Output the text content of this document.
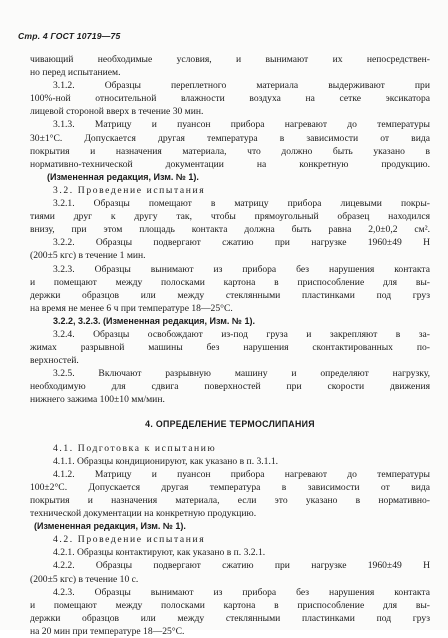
Стр. 4 ГОСТ 10719—75
чивающий необходимые условия, и вынимают их непосредствен-
но перед испытанием.
3.1.2. Образцы переплетного материала выдерживают при
100%-ной относительной влажности воздуха на сетке эксикатора
лицевой стороной вверх в течение 30 мин.
3.1.3. Матрицу и пуансон прибора нагревают до температуры
30±1°С. Допускается другая температура в зависимости от вида
покрытия и назначения материала, что должно быть указано в
нормативно-технической документации на конкретную продукцию.
(Измененная редакция, Изм. № 1).
3.2. Проведение испытания
3.2.1. Образцы помещают в матрицу прибора лицевыми покры-
тиями друг к другу так, чтобы прямоугольный образец находился
внизу, при этом площадь контакта должна быть равна 2,0±0,2 см².
3.2.2. Образцы подвергают сжатию при нагрузке 1960±49 Н
(200±5 кгс) в течение 1 мин.
3.2.3. Образцы вынимают из прибора без нарушения контакта
и помещают между полосками картона в приспособление для вы-
держки образцов или между стеклянными пластинками под груз
на время не менее 6 ч при температуре 18—25°С.
3.2.2, 3.2.3. (Измененная редакция, Изм. № 1).
3.2.4. Образцы освобождают из-под груза и закрепляют в за-
жимах разрывной машины без нарушения сконтактированных по-
верхностей.
3.2.5. Включают разрывную машину и определяют нагрузку,
необходимую для сдвига поверхностей при скорости движения
нижнего зажима 100±10 мм/мин.
4. ОПРЕДЕЛЕНИЕ ТЕРМОСЛИПАНИЯ
4.1. Подготовка к испытанию
4.1.1. Образцы кондиционируют, как указано в п. 3.1.1.
4.1.2. Матрицу и пуансон прибора нагревают до температуры
100±2°С. Допускается другая температура в зависимости от вида
покрытия и назначения материала, если это указано в нормативно-
технической документации на конкретную продукцию.
(Измененная редакция, Изм. № 1).
4.2. Проведение испытания
4.2.1. Образцы контактируют, как указано в п. 3.2.1.
4.2.2. Образцы подвергают сжатию при нагрузке 1960±49 Н
(200±5 кгс) в течение 10 с.
4.2.3. Образцы вынимают из прибора без нарушения контакта
и помещают между полосками картона в приспособление для вы-
держки образцов или между стеклянными пластинками под груз
на 20 мин при температуре 18—25°С.
